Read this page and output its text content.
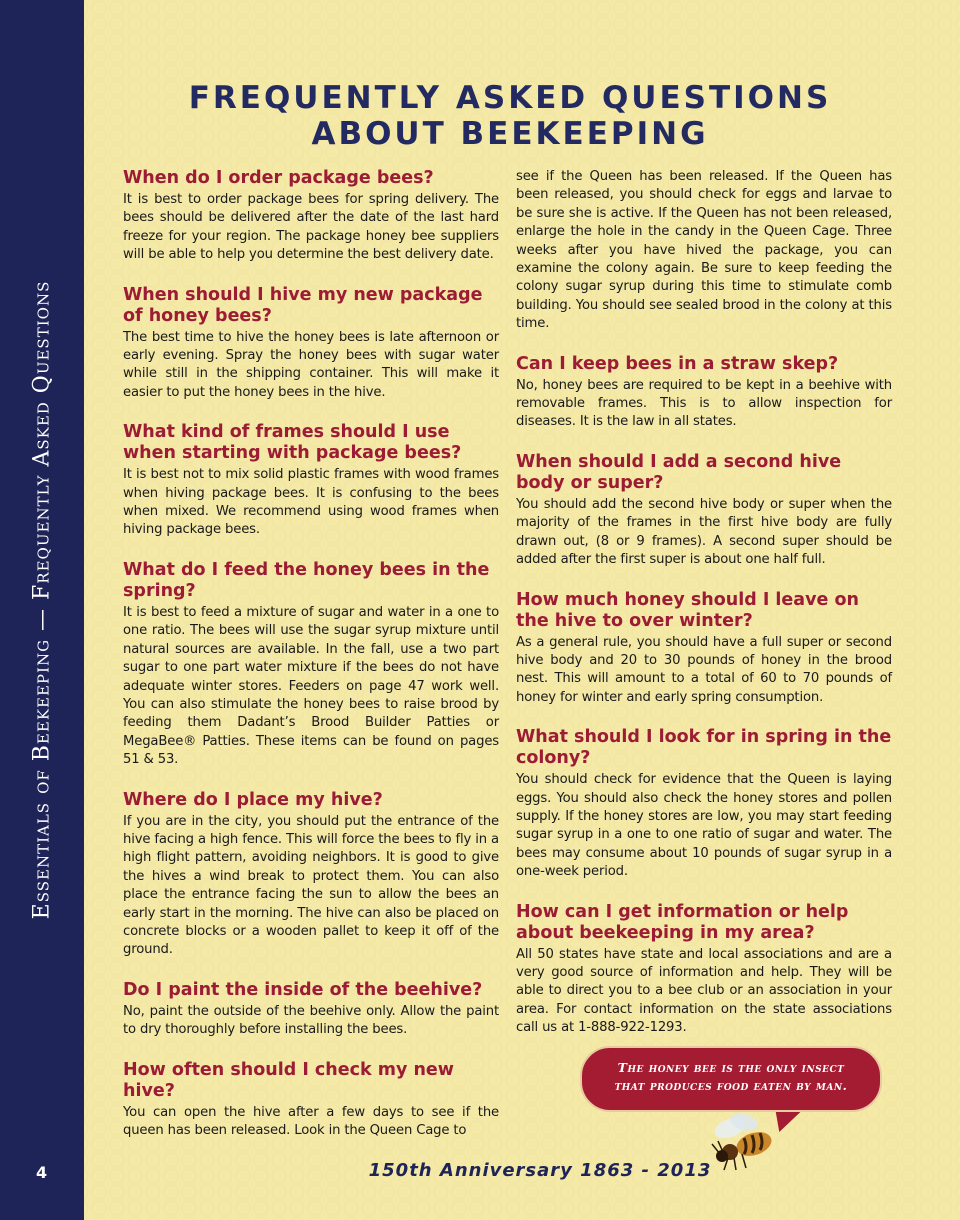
Essentials of Beekeeping — Frequently Asked Questions
4
FREQUENTLY ASKED QUESTIONS
ABOUT BEEKEEPING

When do I order package bees?

It is best to order package bees for spring delivery. The bees should be delivered after the date of the last hard freeze for your region. The package honey bee suppliers will be able to help you determine the best delivery date.

When should I hive my new package of honey bees?

The best time to hive the honey bees is late afternoon or early evening. Spray the honey bees with sugar water while still in the shipping container. This will make it easier to put the honey bees in the hive.

What kind of frames should I use when starting with package bees?

It is best not to mix solid plastic frames with wood frames when hiving package bees. It is confusing to the bees when mixed. We recommend using wood frames when hiving package bees.

What do I feed the honey bees in the spring?

It is best to feed a mixture of sugar and water in a one to one ratio. The bees will use the sugar syrup mixture until natural sources are available. In the fall, use a two part sugar to one part water mixture if the bees do not have adequate winter stores. Feeders on page 47 work well. You can also stimulate the honey bees to raise brood by feeding them Dadant’s Brood Builder Patties or MegaBee® Patties. These items can be found on pages 51 & 53.

Where do I place my hive?

If you are in the city, you should put the entrance of the hive facing a high fence. This will force the bees to fly in a high flight pattern, avoiding neighbors. It is good to give the hives a wind break to protect them. You can also place the entrance facing the sun to allow the bees an early start in the morning. The hive can also be placed on concrete blocks or a wooden pallet to keep it off of the ground.

Do I paint the inside of the beehive?

No, paint the outside of the beehive only. Allow the paint to dry thoroughly before installing the bees.

How often should I check my new hive?

You can open the hive after a few days to see if the queen has been released. Look in the Queen Cage to

see if the Queen has been released. If the Queen has been released, you should check for eggs and larvae to be sure she is active. If the Queen has not been released, enlarge the hole in the candy in the Queen Cage. Three weeks after you have hived the package, you can examine the colony again. Be sure to keep feeding the colony sugar syrup during this time to stimulate comb building. You should see sealed brood in the colony at this time.

Can I keep bees in a straw skep?

No, honey bees are required to be kept in a beehive with removable frames. This is to allow inspection for diseases. It is the law in all states.

When should I add a second hive body or super?

You should add the second hive body or super when the majority of the frames in the first hive body are fully drawn out, (8 or 9 frames). A second super should be added after the first super is about one half full.

How much honey should I leave on the hive to over winter?

As a general rule, you should have a full super or second hive body and 20 to 30 pounds of honey in the brood nest. This will amount to a total of 60 to 70 pounds of honey for winter and early spring consumption.

What should I look for in spring in the colony?

You should check for evidence that the Queen is laying eggs. You should also check the honey stores and pollen supply. If the honey stores are low, you may start feeding sugar syrup in a one to one ratio of sugar and water. The bees may consume about 10 pounds of sugar syrup in a one-week period.

How can I get information or help about beekeeping in my area?

All 50 states have state and local associations and are a very good source of information and help. They will be able to direct you to a bee club or an association in your area. For contact information on the state associations call us at 1-888-922-1293.

The honey bee is the only insect
that produces food eaten by man.
150th Anniversary 1863 - 2013
